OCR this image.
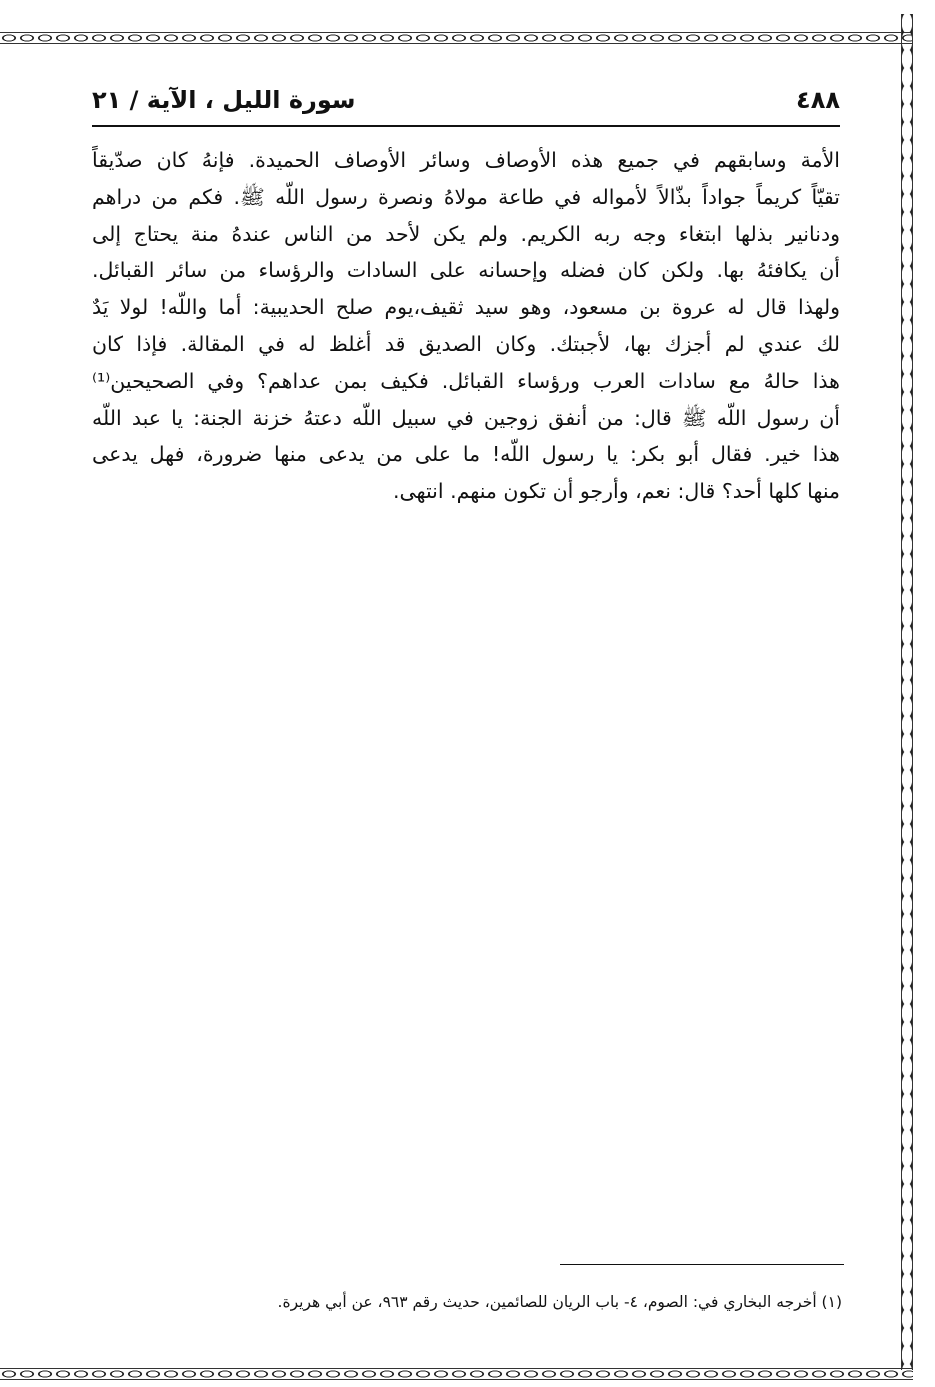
٤٨٨
سورة الليل ، الآية / ٢١
الأمة وسابقهم في جميع هذه الأوصاف وسائر الأوصاف الحميدة. فإنهُ كان صدّيقاً
تقيّاً كريماً جواداً بذّالاً لأمواله في طاعة مولاهُ ونصرة رسول اللّه ﷺ. فكم من دراهم
ودنانير بذلها ابتغاء وجه ربه الكريم. ولم يكن لأحد من الناس عندهُ منة يحتاج إلى
أن يكافئهُ بها. ولكن كان فضله وإحسانه على السادات والرؤساء من سائر القبائل.
ولهذا قال له عروة بن مسعود، وهو سيد ثقيف،يوم صلح الحديبية: أما واللّه! لولا يَدٌ
لك عندي لم أجزك بها، لأجبتك. وكان الصديق قد أغلظ له في المقالة. فإذا كان
هذا حالهُ مع سادات العرب ورؤساء القبائل. فكيف بمن عداهم؟ وفي الصحيحين⁽¹⁾
أن رسول اللّه ﷺ قال: من أنفق زوجين في سبيل اللّه دعتهُ خزنة الجنة: يا عبد اللّه
هذا خير. فقال أبو بكر: يا رسول اللّه! ما على من يدعى منها ضرورة، فهل يدعى
منها كلها أحد؟ قال: نعم، وأرجو أن تكون منهم. انتهى.
(١) أخرجه البخاري في: الصوم، ٤- باب الريان للصائمين، حديث رقم ٩٦٣، عن أبي هريرة.
